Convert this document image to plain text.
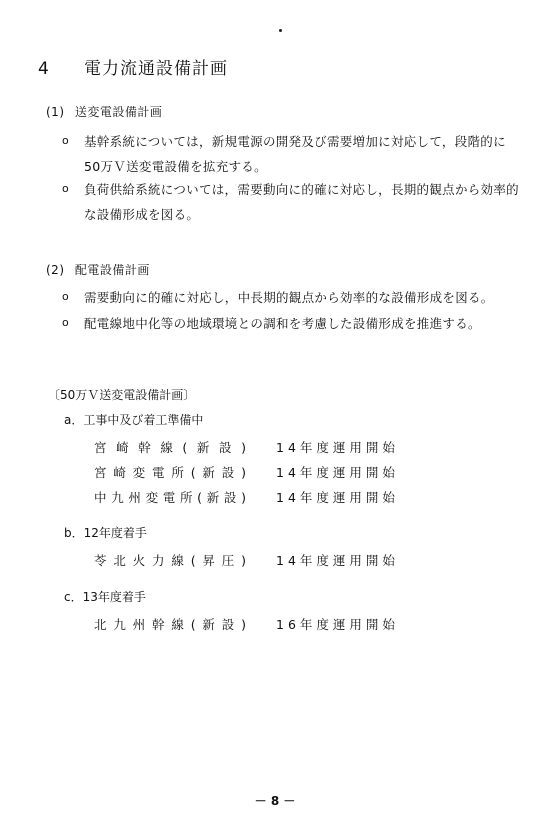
4 電力流通設備計画
(1) 送変電設備計画
o 基幹系統については，新規電源の開発及び需要増加に対応して，段階的に
50万Ｖ送変電設備を拡充する。
o 負荷供給系統については，需要動向に的確に対応し，長期的観点から効率的
な設備形成を図る。
(2) 配電設備計画
o 需要動向に的確に対応し，中長期的観点から効率的な設備形成を図る。
o 配電線地中化等の地域環境との調和を考慮した設備形成を推進する。
〔50万Ｖ送変電設備計画〕
a．工事中及び着工準備中
宮崎幹線(新設) 14年度運用開始
宮崎変電所(新設) 14年度運用開始
中九州変電所(新設) 14年度運用開始
b．12年度着手
苓北火力線(昇圧) 14年度運用開始
c．13年度着手
北九州幹線(新設) 16年度運用開始
－ 8 －
